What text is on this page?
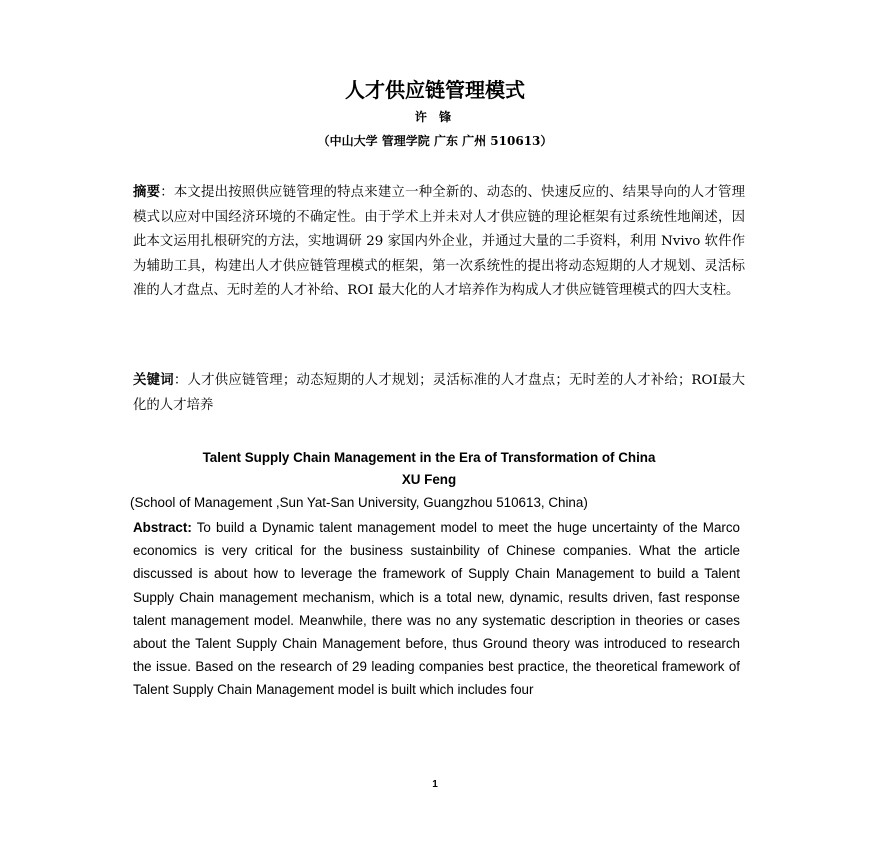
人才供应链管理模式
许 锋
（中山大学 管理学院 广东 广州 510613）
摘要：本文提出按照供应链管理的特点来建立一种全新的、动态的、快速反应的、结果导向的人才管理模式以应对中国经济环境的不确定性。由于学术上并未对人才供应链的理论框架有过系统性地阐述，因此本文运用扎根研究的方法，实地调研 29 家国内外企业，并通过大量的二手资料，利用 Nvivo 软件作为辅助工具，构建出人才供应链管理模式的框架，第一次系统性的提出将动态短期的人才规划、灵活标准的人才盘点、无时差的人才补给、ROI 最大化的人才培养作为构成人才供应链管理模式的四大支柱。
关键词：人才供应链管理；动态短期的人才规划；灵活标准的人才盘点；无时差的人才补给；ROI最大化的人才培养
Talent Supply Chain Management in the Era of Transformation of China
XU Feng
(School of Management ,Sun Yat-San University, Guangzhou 510613, China)
Abstract: To build a Dynamic talent management model to meet the huge uncertainty of the Marco economics is very critical for the business sustainbility of Chinese companies. What the article discussed is about how to leverage the framework of Supply Chain Management to build a Talent Supply Chain management mechanism, which is a total new, dynamic, results driven, fast response talent management model. Meanwhile, there was no any systematic description in theories or cases about the Talent Supply Chain Management before, thus Ground theory was introduced to research the issue. Based on the research of 29 leading companies best practice, the theoretical framework of Talent Supply Chain Management model is built which includes four
1
